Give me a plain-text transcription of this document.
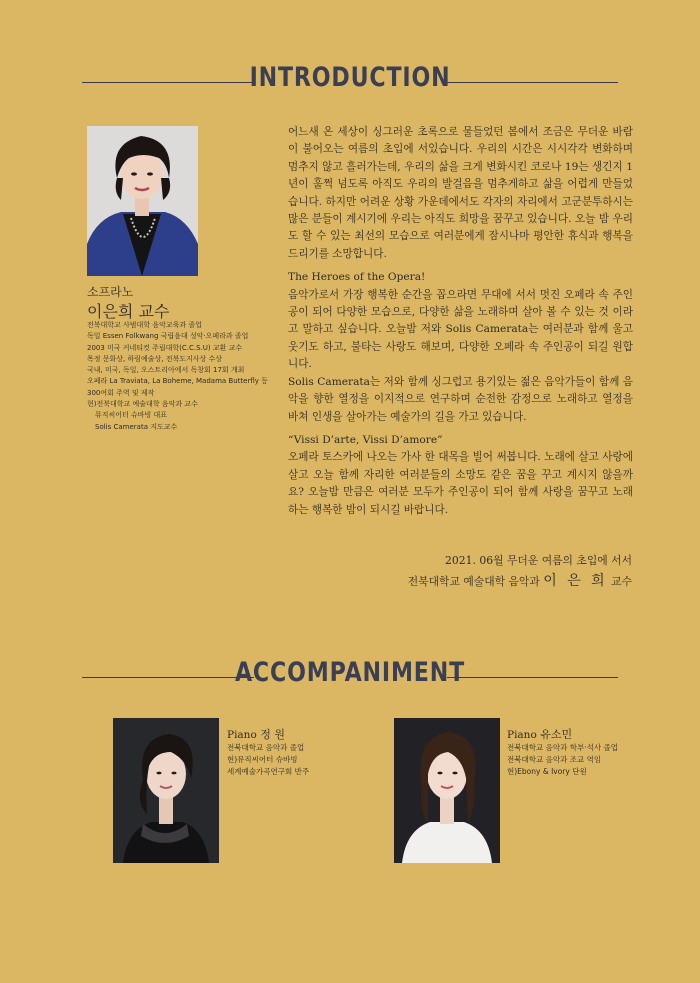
INTRODUCTION
소프라노
이은희 교수
전북대학교 사범대학 음악교육과 졸업
독일 Essen Folkwang 국립음대 성악·오페라과 졸업
2003 미국 커네티컷 주립대학(C.C.S.U) 교환 교수
목정 문화상, 하림예술상, 전북도지사상 수상
국내, 미국, 독일, 오스트리아에서 독창회 17회 개최
오페라 La Traviata, La Boheme, Madama Butterfly 등
300여회 주역 및 제작
현)전북대학교 예술대학 음악과 교수
뮤직씨어터 슈바빙 대표
Solis Camerata 지도교수

어느새 온 세상이 싱그러운 초록으로 물들었던 봄에서 조금은 무더운 바람이 불어오는 여름의 초입에 서있습니다. 우리의 시간은 시시각각 변화하며 멈추지 않고 흘러가는데, 우리의 삶을 크게 변화시킨 코로나 19는 생긴지 1년이 훌쩍 넘도록 아직도 우리의 발걸음을 멈추게하고 삶을 어렵게 만들었습니다. 하지만 어려운 상황 가운데에서도 각자의 자리에서 고군분투하시는 많은 분들이 계시기에 우리는 아직도 희망을 꿈꾸고 있습니다. 오늘 밤 우리도 할 수 있는 최선의 모습으로 여러분에게 잠시나마 평안한 휴식과 행복을 드리기를 소망합니다.

The Heroes of the Opera!

음악가로서 가장 행복한 순간을 꼽으라면 무대에 서서 멋진 오페라 속 주인공이 되어 다양한 모습으로, 다양한 삶을 노래하며 살아 볼 수 있는 것 이라고 말하고 싶습니다. 오늘밤 저와 Solis Camerata는 여러분과 함께 울고 웃기도 하고, 불타는 사랑도 해보며, 다양한 오페라 속 주인공이 되길 원합니다.

Solis Camerata는 저와 함께 싱그럽고 용기있는 젊은 음악가들이 함께 음악을 향한 열정을 이지적으로 연구하며 순전한 감정으로 노래하고 열정을 바쳐 인생을 살아가는 예술가의 길을 가고 있습니다.

“Vissi D’arte, Vissi D’amore”

오페라 토스카에 나오는 가사 한 대목을 빌어 써봅니다. 노래에 살고 사랑에 살고 오늘 함께 자리한 여러분들의 소망도 같은 꿈을 꾸고 계시지 않을까요? 오늘밤 만큼은 여러분 모두가 주인공이 되어 함께 사랑을 꿈꾸고 노래하는 행복한 밤이 되시길 바랍니다.

2021. 06월 무더운 여름의 초입에 서서
전북대학교 예술대학 음악과 이 은 희 교수
ACCOMPANIMENT
Piano 정 원
전북대학교 음악과 졸업
현)뮤직씨어터 슈바빙
세계예술가곡연구회 반주
Piano 유소민
전북대학교 음악과 학부·석사 졸업
전북대학교 음악과 조교 역임
현)Ebony & Ivory 단원
